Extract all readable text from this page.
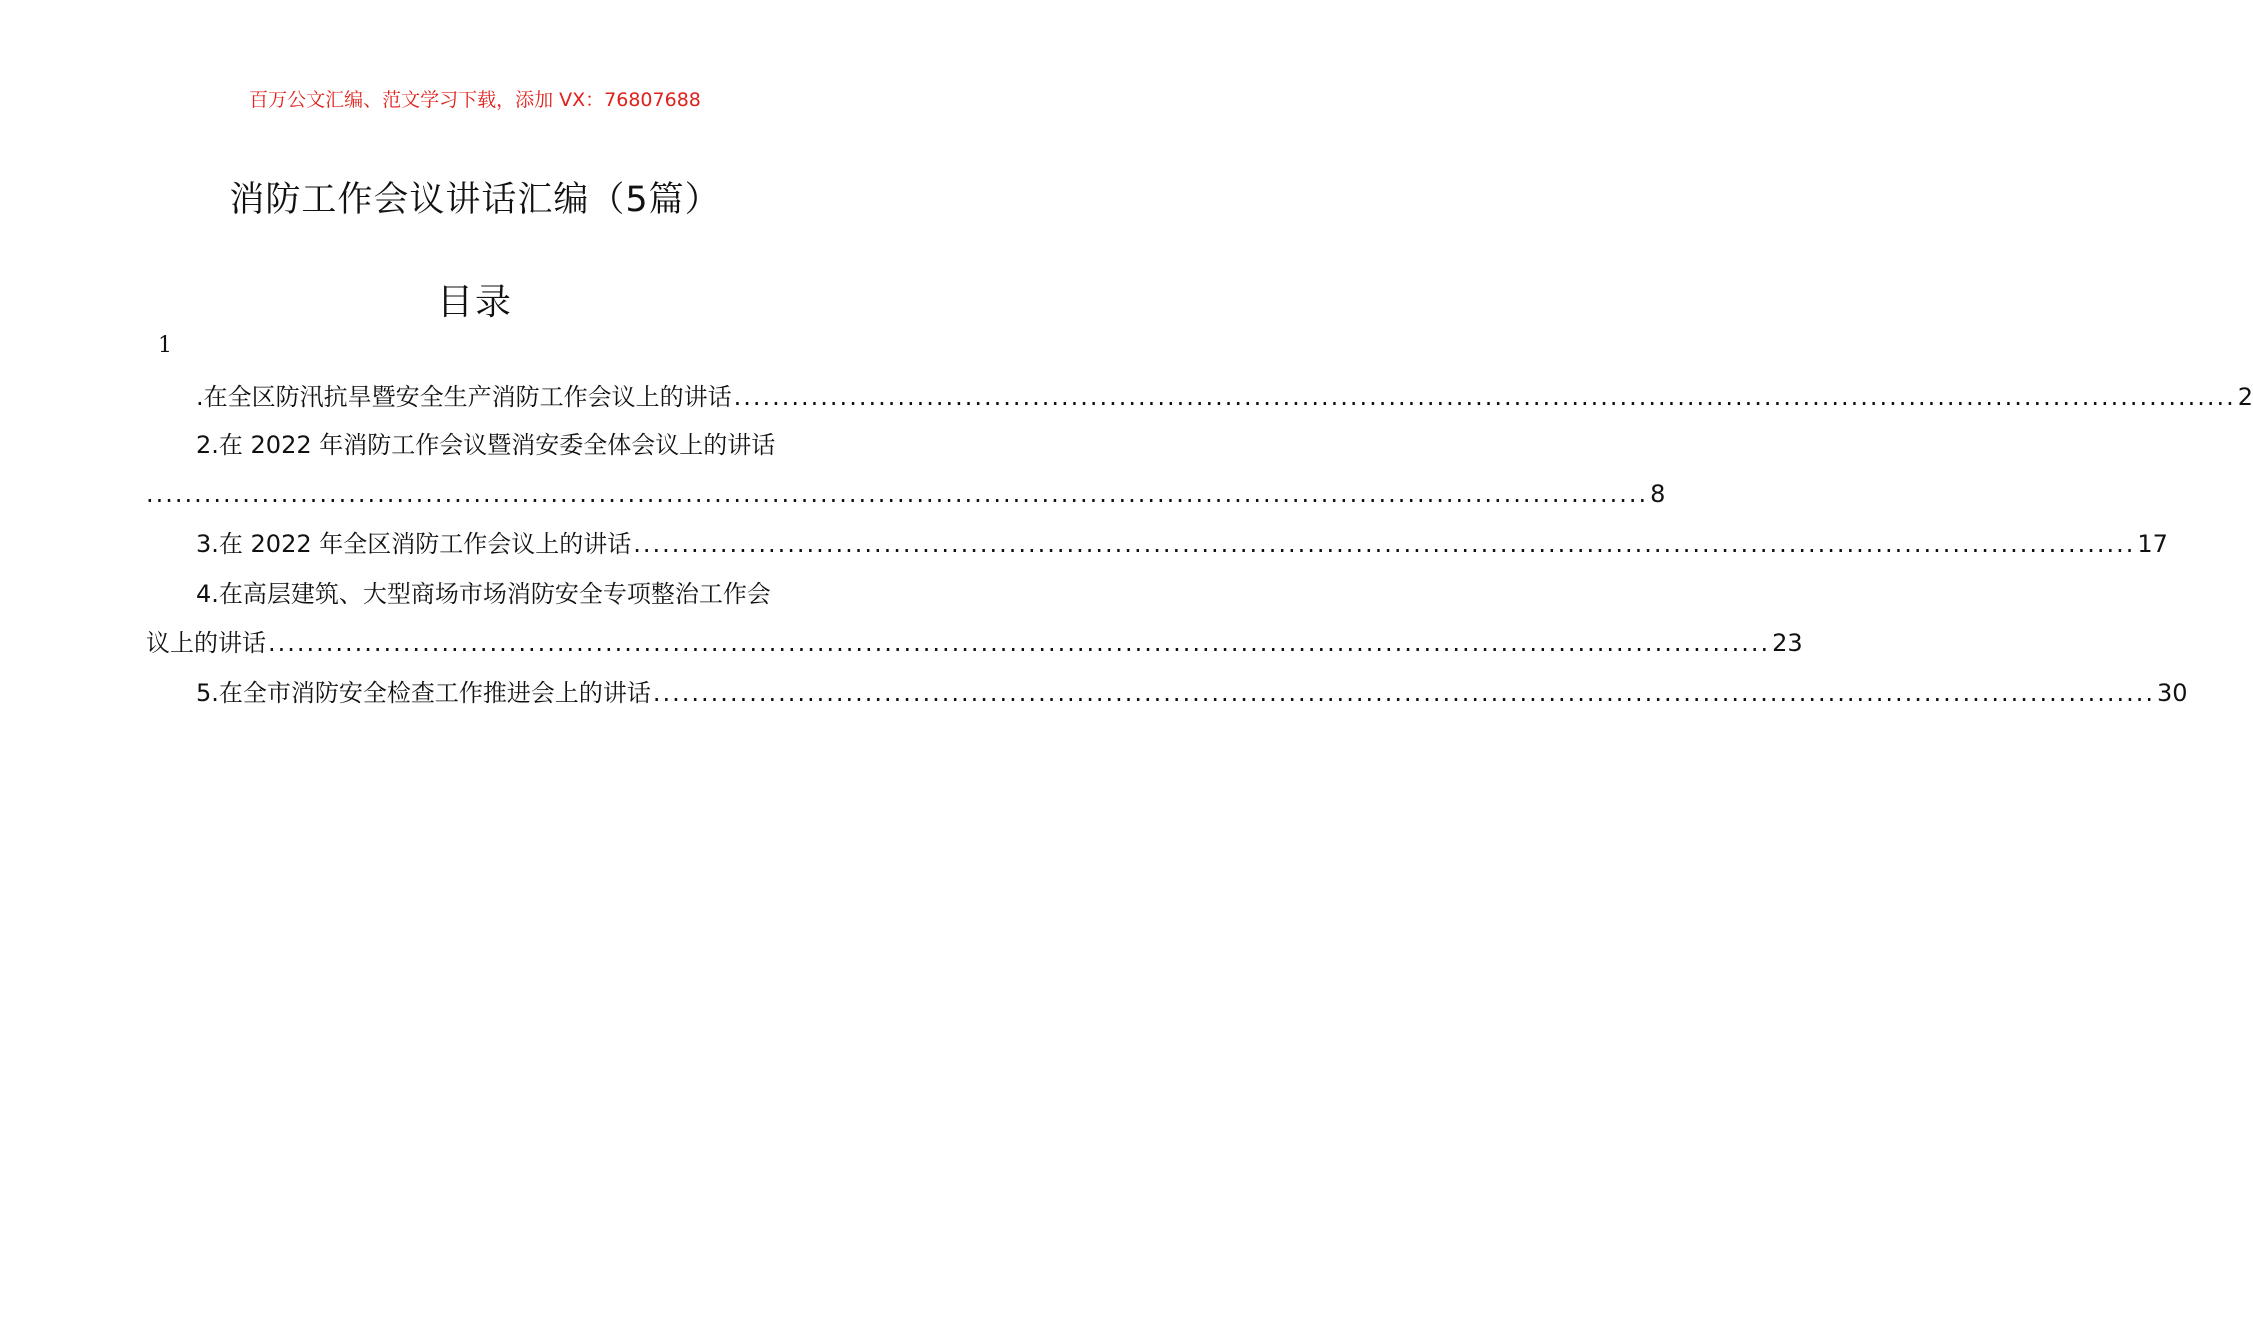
百万公文汇编、范文学习下载，添加 VX：76807688
消防工作会议讲话汇编（5篇）
目录
1
.在全区防汛抗旱暨安全生产消防工作会议上的讲话 ............................................................................................................................................................ 2
2.在 2022 年消防工作会议暨消安委全体会议上的讲话
............................................................................................................................................................ 8
3.在 2022 年全区消防工作会议上的讲话 ............................................................................................................................................................ 17
4.在高层建筑、大型商场市场消防安全专项整治工作会
议上的讲话 ............................................................................................................................................................ 23
5.在全市消防安全检查工作推进会上的讲话 ............................................................................................................................................................ 30
